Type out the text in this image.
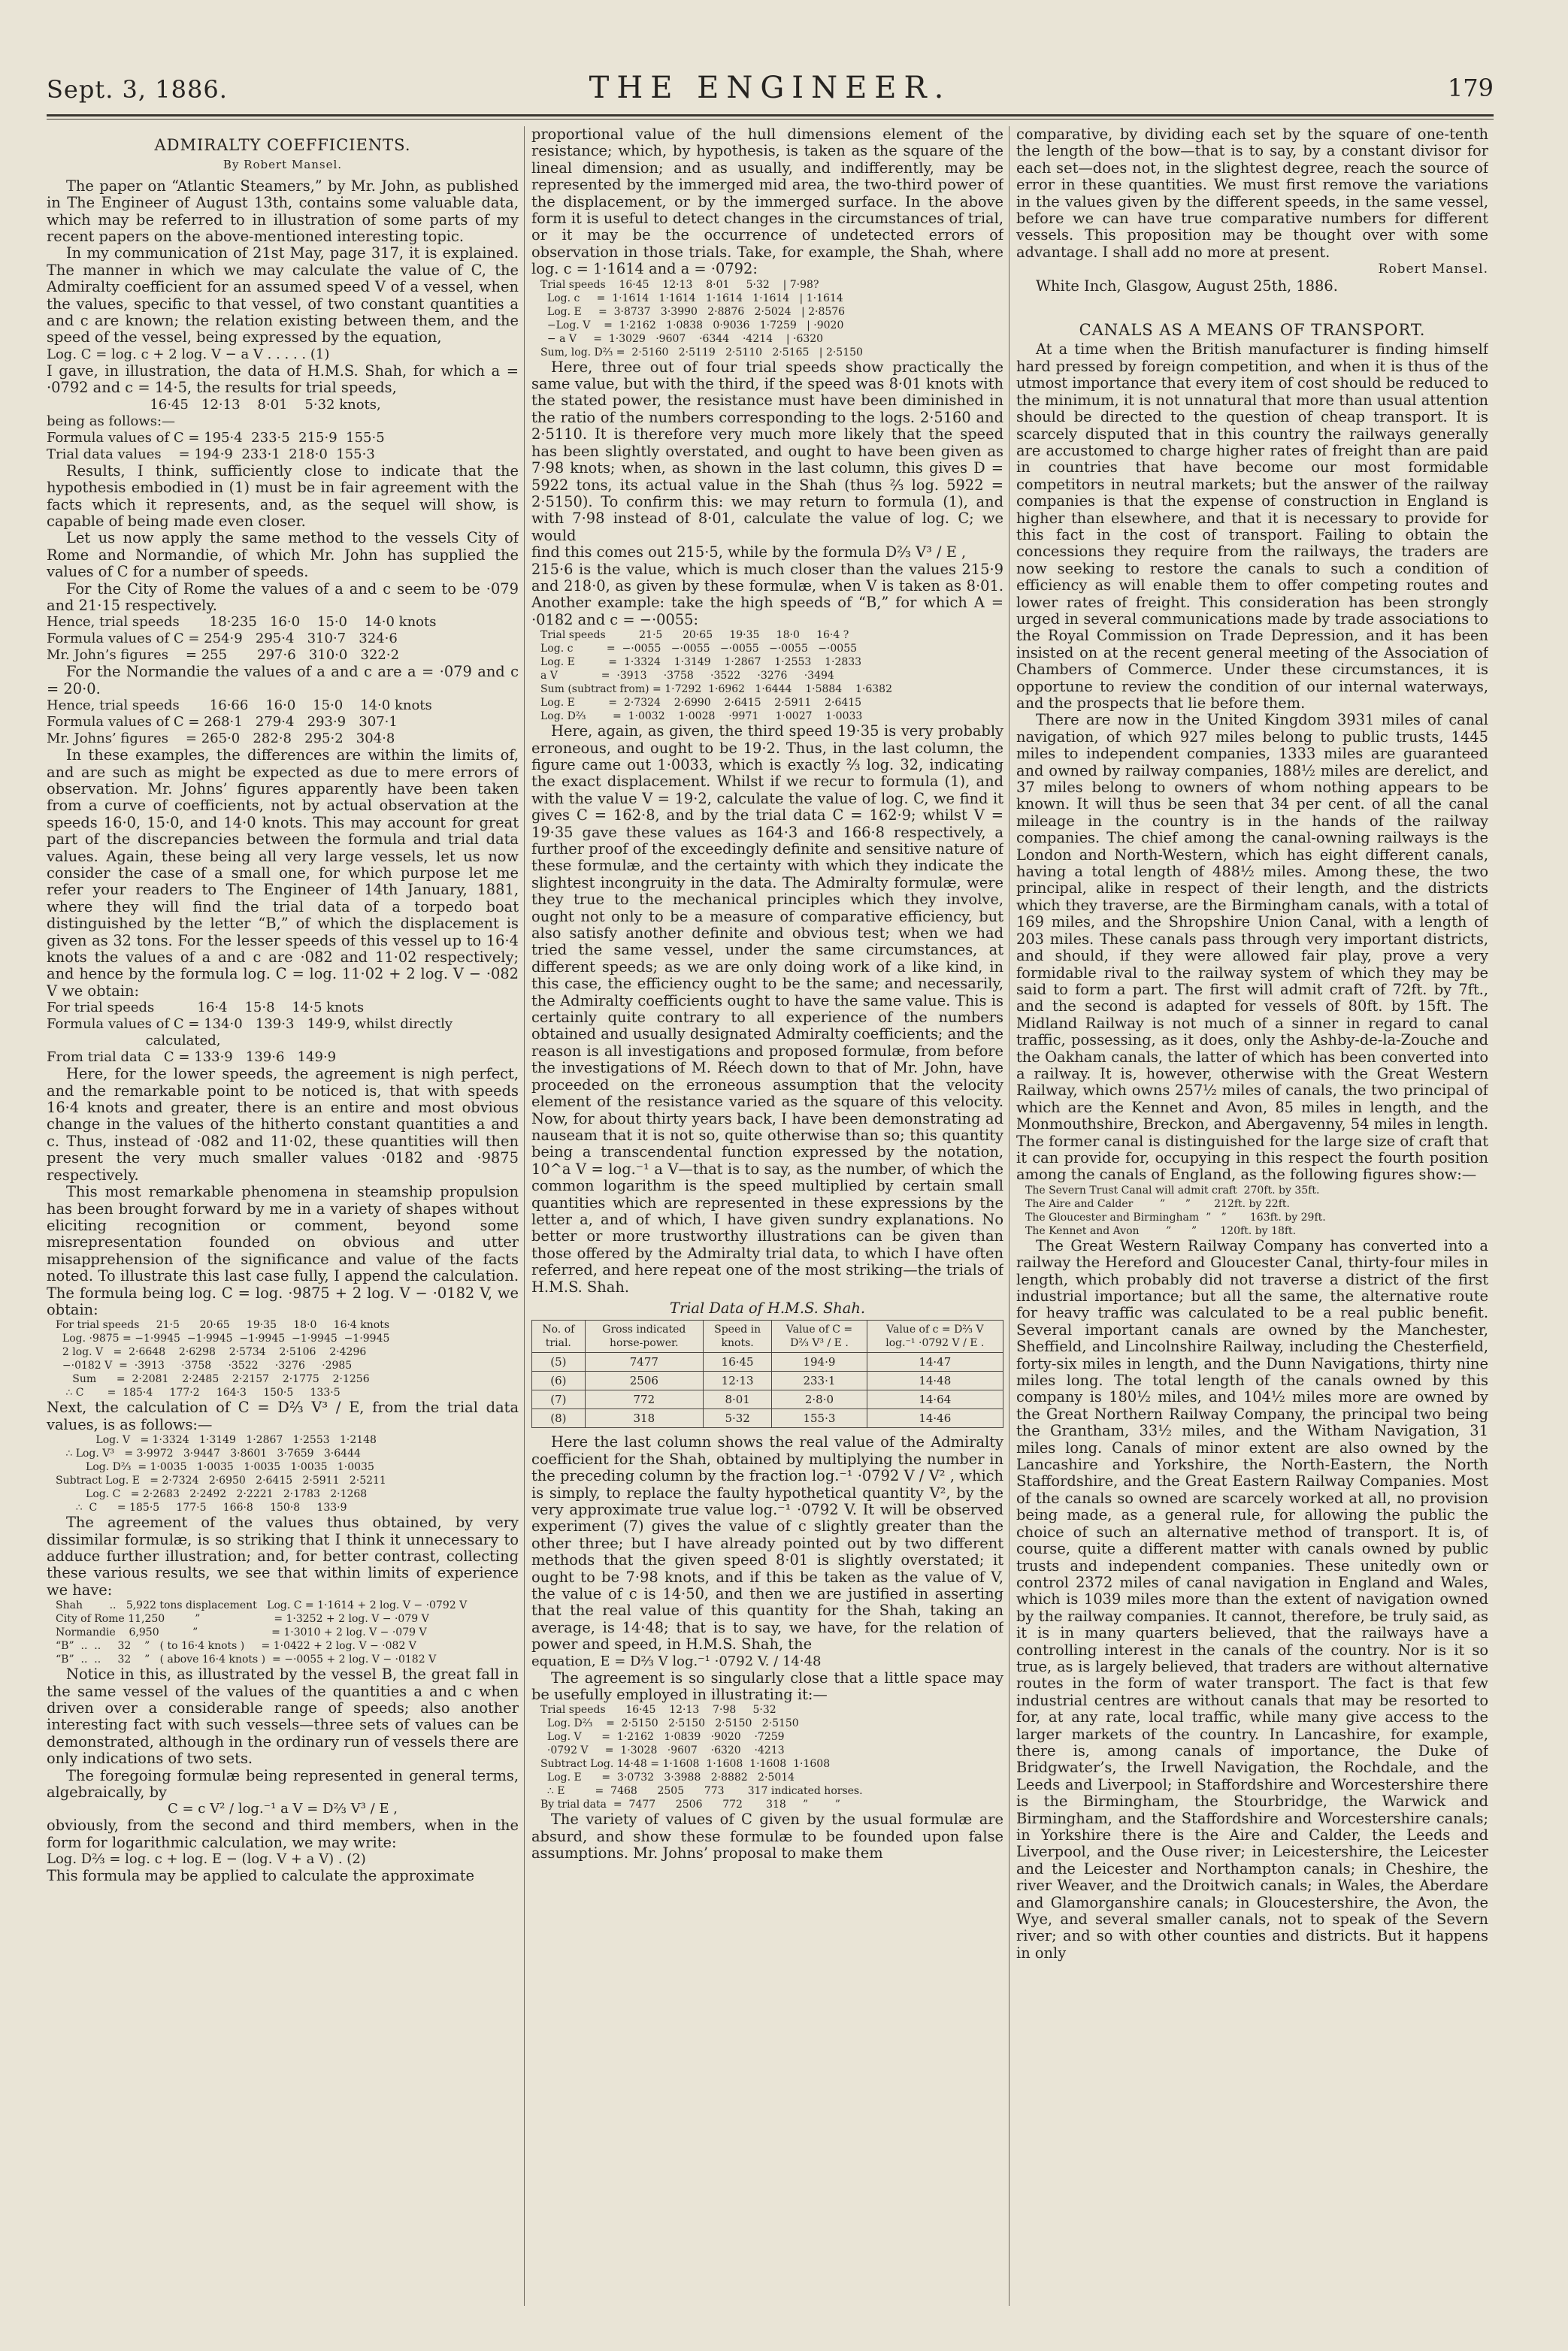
Sept. 3, 1886.	THE ENGINEER.	179
ADMIRALTY COEFFICIENTS.
By Robert Mansel.

The paper on “Atlantic Steamers,” by Mr. John, as published in The Engineer of August 13th, contains some valuable data, which may be referred to in illustration of some parts of my recent papers on the above-mentioned interesting topic.

In my communication of 21st May, page 317, it is explained. The manner in which we may calculate the value of C, the Admiralty coefficient for an assumed speed V of a vessel, when the values, specific to that vessel, of two constant quantities a and c are known; the relation existing between them, and the speed of the vessel, being expressed by the equation,

Log. C = log. c + 2 log. V − a V . . . . . (1)

I gave, in illustration, the data of H.M.S. Shah, for which a = ·0792 and c = 14·5, the results for trial speeds,

16·45   12·13    8·01    5·32 knots,
being as follows:—
Formula values of C = 195·4  233·5  215·9  155·5
Trial data values    = 194·9  233·1  218·0  155·3

Results, I think, sufficiently close to indicate that the hypothesis embodied in (1) must be in fair agreement with the facts which it represents, and, as the sequel will show, is capable of being made even closer.

Let us now apply the same method to the vessels City of Rome and Normandie, of which Mr. John has supplied the values of C for a number of speeds.

For the City of Rome the values of a and c seem to be ·079 and 21·15 respectively.

Hence, trial speeds       18·235   16·0    15·0    14·0 knots
Formula values of C = 254·9   295·4   310·7   324·6
Mr. John’s figures    = 255       297·6   310·0   322·2

For the Normandie the values of a and c are a = ·079 and c = 20·0.

Hence, trial speeds       16·66    16·0    15·0    14·0 knots
Formula values of C = 268·1   279·4   293·9   307·1
Mr. Johns’ figures    = 265·0   282·8   295·2   304·8

In these examples, the differences are within the limits of, and are such as might be expected as due to mere errors of observation. Mr. Johns’ figures apparently have been taken from a curve of coefficients, not by actual observation at the speeds 16·0, 15·0, and 14·0 knots. This may account for great part of the discrepancies between the formula and trial data values. Again, these being all very large vessels, let us now consider the case of a small one, for which purpose let me refer your readers to The Engineer of 14th January, 1881, where they will find the trial data of a torpedo boat distinguished by the letter “B,” of which the displacement is given as 32 tons. For the lesser speeds of this vessel up to 16·4 knots the values of a and c are ·082 and 11·02 respectively; and hence by the formula log. C = log. 11·02 + 2 log. V − ·082 V we obtain:

For trial speeds          16·4    15·8    14·5 knots
Formula values of C = 134·0   139·3   149·9, whilst directly
calculated,
From trial data   C = 133·9   139·6   149·9

Here, for the lower speeds, the agreement is nigh perfect, and the remarkable point to be noticed is, that with speeds 16·4 knots and greater, there is an entire and most obvious change in the values of the hitherto constant quantities a and c. Thus, instead of ·082 and 11·02, these quantities will then present the very much smaller values ·0182 and ·9875 respectively.

This most remarkable phenomena in steamship propulsion has been brought forward by me in a variety of shapes without eliciting recognition or comment, beyond some misrepresentation founded on obvious and utter misapprehension of the significance and value of the facts noted. To illustrate this last case fully, I append the calculation. The formula being log. C = log. ·9875 + 2 log. V − ·0182 V, we obtain:

For trial speeds     21·5      20·65     19·35     18·0     16·4 knots
Log. ·9875 = −1·9945  −1·9945  −1·9945  −1·9945  −1·9945
2 log. V   =  2·6648    2·6298    2·5734    2·5106    2·4296
−·0182 V  =  ·3913     ·3758     ·3522     ·3276     ·2985
Sum      =  2·2081    2·2485    2·2157    2·1775    2·1256
∴ C       =  185·4     177·2     164·3     150·5     133·5

Next, the calculation of C = D⅔ V³ / E, from the trial data values, is as follows:—

Log. V   = 1·3324   1·3149   1·2867   1·2553   1·2148
∴ Log. V³   = 3·9972   3·9447   3·8601   3·7659   3·6444
Log. D⅔  = 1·0035   1·0035   1·0035   1·0035   1·0035
Subtract Log. E   = 2·7324   2·6950   2·6415   2·5911   2·5211
Log. C   = 2·2683   2·2492   2·2221   2·1783   2·1268
∴  C      = 185·5     177·5     166·8     150·8     133·9

The agreement of the values thus obtained, by very dissimilar formulæ, is so striking that I think it unnecessary to adduce further illustration; and, for better contrast, collecting these various results, we see that within limits of experience we have:

Shah        ..   5,922 tons displacement   Log. C = 1·1614 + 2 log. V − ·0792 V
City of Rome 11,250         ”                      = 1·3252 + 2 log. V − ·079 V
Normandie    6,950          ”                      = 1·3010 + 2 log. V − ·079 V
“B”  ..  ..     32    ”   ( to 16·4 knots )     = 1·0422 + 2 log. V − ·082 V
“B”  ..  ..     32    ”   ( above 16·4 knots )  = −·0055 + 2 log. V − ·0182 V

Notice in this, as illustrated by the vessel B, the great fall in the same vessel of the values of the quantities a and c when driven over a considerable range of speeds; also another interesting fact with such vessels—three sets of values can be demonstrated, although in the ordinary run of vessels there are only indications of two sets.

The foregoing formulæ being represented in general terms, algebraically, by

C = c V² / log.⁻¹ a V = D⅔ V³ / E ,

obviously, from the second and third members, when in the form for logarithmic calculation, we may write:

Log. D⅔ = log. c + log. E − (log. V + a V) . (2)

This formula may be applied to calculate the approximate

proportional value of the hull dimensions element of the resistance; which, by hypothesis, is taken as the square of the lineal dimension; and as usually, and indifferently, may be represented by the immerged mid area, the two-third power of the displacement, or by the immerged surface. In the above form it is useful to detect changes in the circumstances of trial, or it may be the occurrence of undetected errors of observation in those trials. Take, for example, the Shah, where log. c = 1·1614 and a = ·0792:

Trial speeds    16·45    12·13    8·01     5·32    | 7·98?
Log. c     =  1·1614   1·1614   1·1614   1·1614   | 1·1614
Log. E     =  3·8737   3·3990   2·8876   2·5024   | 2·8576
−Log. V    =  1·2162   1·0838   0·9036   1·7259   | ·9020
− a V     =  1·3029   ·9607    ·6344    ·4214    | ·6320
Sum, log. D⅔ =  2·5160   2·5119   2·5110   2·5165   | 2·5150

Here, three out of four trial speeds show practically the same value, but with the third, if the speed was 8·01 knots with the stated power, the resistance must have been diminished in the ratio of the numbers corresponding to the logs. 2·5160 and 2·5110. It is therefore very much more likely that the speed has been slightly overstated, and ought to have been given as 7·98 knots; when, as shown in the last column, this gives D = 5922 tons, its actual value in the Shah (thus ⅔ log. 5922 = 2·5150). To confirm this: we may return to formula (1), and with 7·98 instead of 8·01, calculate the value of log. C; we would

find this comes out 215·5, while by the formula D⅔ V³ / E ,

215·6 is the value, which is much closer than the values 215·9 and 218·0, as given by these formulæ, when V is taken as 8·01. Another example: take the high speeds of “B,” for which A = ·0182 and c = −·0055:

Trial speeds          21·5      20·65     19·35     18·0     16·4 ?
Log. c          =  −·0055   −·0055   −·0055   −·0055   −·0055
Log. E          =  1·3324    1·3149    1·2867    1·2553    1·2833
a V             =  ·3913     ·3758     ·3522     ·3276     ·3494
Sum (subtract from) = 1·7292  1·6962   1·6444    1·5884    1·6382
Log. E          =  2·7324    2·6990    2·6415    2·5911    2·6415
Log. D⅔        =  1·0032    1·0028    ·9971     1·0027    1·0033

Here, again, as given, the third speed 19·35 is very probably erroneous, and ought to be 19·2. Thus, in the last column, the figure came out 1·0033, which is exactly ⅔ log. 32, indicating the exact displacement. Whilst if we recur to formula (1), and with the value V = 19·2, calculate the value of log. C, we find it gives C = 162·8, and by the trial data C = 162·9; whilst V = 19·35 gave these values as 164·3 and 166·8 respectively, a further proof of the exceedingly definite and sensitive nature of these formulæ, and the certainty with which they indicate the slightest incongruity in the data. The Admiralty formulæ, were they true to the mechanical principles which they involve, ought not only to be a measure of comparative efficiency, but also satisfy another definite and obvious test; when we had tried the same vessel, under the same circumstances, at different speeds; as we are only doing work of a like kind, in this case, the efficiency ought to be the same; and necessarily, the Admiralty coefficients ought to have the same value. This is certainly quite contrary to all experience of the numbers obtained and usually designated Admiralty coefficients; and the reason is all investigations and proposed formulæ, from before the investigations of M. Réech down to that of Mr. John, have proceeded on the erroneous assumption that the velocity element of the resistance varied as the square of this velocity. Now, for about thirty years back, I have been demonstrating ad nauseam that it is not so, quite otherwise than so; this quantity being a transcendental function expressed by the notation, 10^a V = log.⁻¹ a V—that is to say, as the number, of which the common logarithm is the speed multiplied by certain small quantities which are represented in these expressions by the letter a, and of which, I have given sundry explanations. No better or more trustworthy illustrations can be given than those offered by the Admiralty trial data, to which I have often referred, and here repeat one of the most striking—the trials of H.M.S. Shah.

Trial Data of H.M.S. Shah.
No. of trial.	Gross indicated horse-power.	Speed in knots.	Value of C = D⅔ V³ / E .	Value of c = D⅔ V log.⁻¹ ·0792 V / E .
(5)	7477	16·45	194·9	14·47
(6)	2506	12·13	233·1	14·48
(7)	772	8·01	2·8·0	14·64
(8)	318	5·32	155·3	14·46

Here the last column shows the real value of the Admiralty coefficient for the Shah, obtained by multiplying the number in the preceding column by the fraction log.⁻¹ ·0792 V / V² , which is simply, to replace the faulty hypothetical quantity V², by the very approximate true value log.⁻¹ ·0792 V. It will be observed experiment (7) gives the value of c slightly greater than the other three; but I have already pointed out by two different methods that the given speed 8·01 is slightly overstated; it ought to be 7·98 knots, and if this be taken as the value of V, the value of c is 14·50, and then we are justified in asserting that the real value of this quantity for the Shah, taking an average, is 14·48; that is to say, we have, for the relation of power and speed, in H.M.S. Shah, the

equation, E = D⅔ V log.⁻¹ ·0792 V. / 14·48

The agreement is so singularly close that a little space may be usefully employed in illustrating it:—

Trial speeds      16·45    12·13    7·98     5·32
Log. D⅔    =  2·5150   2·5150   2·5150   2·5150
Log. V      =  1·2162   1·0839   ·9020    ·7259
·0792 V     =  1·3028   ·9607    ·6320    ·4213
Subtract Log. 14·48 = 1·1608  1·1608  1·1608  1·1608
Log. E      =  3·0732   3·3988   2·8882   2·5014
∴ E         =  7468      2505      773       317 indicated horses.
By trial data  =  7477      2506      772       318     ”        ”

The variety of values of C given by the usual formulæ are absurd, and show these formulæ to be founded upon false assumptions. Mr. Johns’ proposal to make them

comparative, by dividing each set by the square of one-tenth the length of the bow—that is to say, by a constant divisor for each set—does not, in the slightest degree, reach the source of error in these quantities. We must first remove the variations in the values given by the different speeds, in the same vessel, before we can have true comparative numbers for different vessels. This proposition may be thought over with some advantage. I shall add no more at present.

Robert Mansel.

White Inch, Glasgow, August 25th, 1886.

CANALS AS A MEANS OF TRANSPORT.

At a time when the British manufacturer is finding himself hard pressed by foreign competition, and when it is thus of the utmost importance that every item of cost should be reduced to the minimum, it is not unnatural that more than usual attention should be directed to the question of cheap transport. It is scarcely disputed that in this country the railways generally are accustomed to charge higher rates of freight than are paid in countries that have become our most formidable competitors in neutral markets; but the answer of the railway companies is that the expense of construction in England is higher than elsewhere, and that it is necessary to provide for this fact in the cost of transport. Failing to obtain the concessions they require from the railways, the traders are now seeking to restore the canals to such a condition of efficiency as will enable them to offer competing routes and lower rates of freight. This consideration has been strongly urged in several communications made by trade associations to the Royal Commission on Trade Depression, and it has been insisted on at the recent general meeting of the Association of Chambers of Commerce. Under these circumstances, it is opportune to review the condition of our internal waterways, and the prospects that lie before them.

There are now in the United Kingdom 3931 miles of canal navigation, of which 927 miles belong to public trusts, 1445 miles to independent companies, 1333 miles are guaranteed and owned by railway companies, 188½ miles are derelict, and 37 miles belong to owners of whom nothing appears to be known. It will thus be seen that 34 per cent. of all the canal mileage in the country is in the hands of the railway companies. The chief among the canal-owning railways is the London and North-Western, which has eight different canals, having a total length of 488½ miles. Among these, the two principal, alike in respect of their length, and the districts which they traverse, are the Birmingham canals, with a total of 169 miles, and the Shropshire Union Canal, with a length of 203 miles. These canals pass through very important districts, and should, if they were allowed fair play, prove a very formidable rival to the railway system of which they may be said to form a part. The first will admit craft of 72ft. by 7ft., and the second is adapted for vessels of 80ft. by 15ft. The Midland Railway is not much of a sinner in regard to canal traffic, possessing, as it does, only the Ashby-de-la-Zouche and the Oakham canals, the latter of which has been converted into a railway. It is, however, otherwise with the Great Western Railway, which owns 257½ miles of canals, the two principal of which are the Kennet and Avon, 85 miles in length, and the Monmouthshire, Breckon, and Abergavenny, 54 miles in length. The former canal is distinguished for the large size of craft that it can provide for, occupying in this respect the fourth position among the canals of England, as the following figures show:—

The Severn Trust Canal will admit craft  270ft. by 35ft.
The Aire and Calder        ”      ”       212ft. by 22ft.
The Gloucester and Birmingham  ”   ”       163ft. by 29ft.
The Kennet and Avon        ”      ”       120ft. by 18ft.

The Great Western Railway Company has converted into a railway the Hereford and Gloucester Canal, thirty-four miles in length, which probably did not traverse a district of the first industrial importance; but all the same, the alternative route for heavy traffic was calculated to be a real public benefit. Several important canals are owned by the Manchester, Sheffield, and Lincolnshire Railway, including the Chesterfield, forty-six miles in length, and the Dunn Navigations, thirty nine miles long. The total length of the canals owned by this company is 180½ miles, and 104½ miles more are owned by the Great Northern Railway Company, the principal two being the Grantham, 33½ miles, and the Witham Navigation, 31 miles long. Canals of minor extent are also owned by the Lancashire and Yorkshire, the North-Eastern, the North Staffordshire, and the Great Eastern Railway Companies. Most of the canals so owned are scarcely worked at all, no provision being made, as a general rule, for allowing the public the choice of such an alternative method of transport. It is, of course, quite a different matter with canals owned by public trusts and independent companies. These unitedly own or control 2372 miles of canal navigation in England and Wales, which is 1039 miles more than the extent of navigation owned by the railway companies. It cannot, therefore, be truly said, as it is in many quarters believed, that the railways have a controlling interest in the canals of the country. Nor is it so true, as is largely believed, that traders are without alternative routes in the form of water transport. The fact is that few industrial centres are without canals that may be resorted to for, at any rate, local traffic, while many give access to the larger markets of the country. In Lancashire, for example, there is, among canals of importance, the Duke of Bridgwater’s, the Irwell Navigation, the Rochdale, and the Leeds and Liverpool; in Staffordshire and Worcestershire there is the Birmingham, the Stourbridge, the Warwick and Birmingham, and the Staffordshire and Worcestershire canals; in Yorkshire there is the Aire and Calder, the Leeds and Liverpool, and the Ouse river; in Leicestershire, the Leicester and the Leicester and Northampton canals; in Cheshire, the river Weaver, and the Droitwich canals; in Wales, the Aberdare and Glamorganshire canals; in Gloucestershire, the Avon, the Wye, and several smaller canals, not to speak of the Severn river; and so with other counties and districts. But it happens in only
